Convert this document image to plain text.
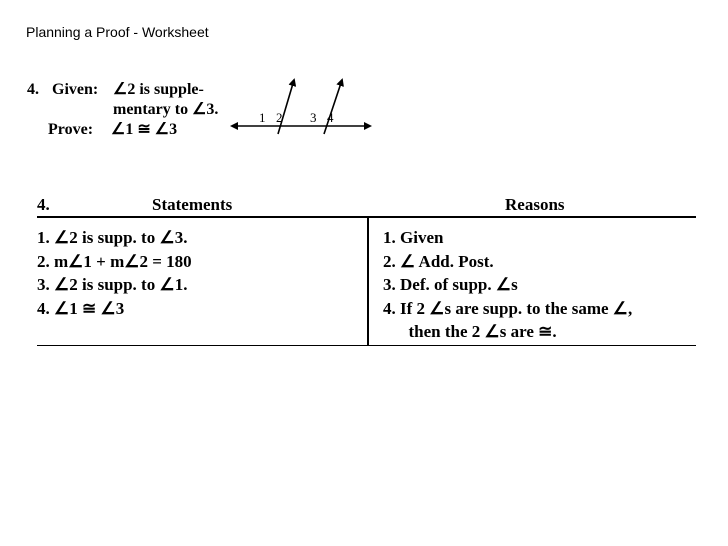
Planning a Proof - Worksheet
4. Given: ∠2 is supple-
mentary to ∠3.
Prove: ∠1 ≅ ∠3
1 2 3 4
4.	Statements	Reasons
1. ∠2 is supp. to ∠3.
2. m∠1 + m∠2 = 180
3. ∠2 is supp. to ∠1.
4. ∠1 ≅ ∠3
1. Given
2. ∠ Add. Post.
3. Def. of supp. ∠s
4. If 2 ∠s are supp. to the same ∠,
then the 2 ∠s are ≅.
